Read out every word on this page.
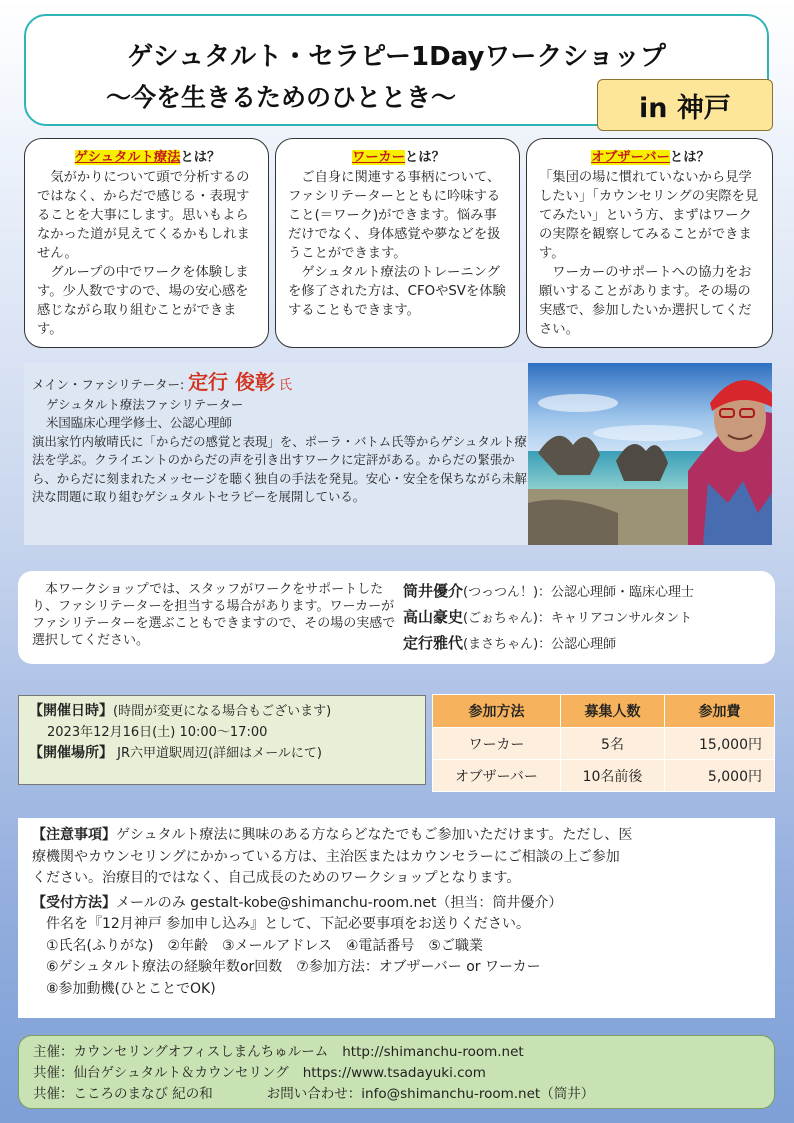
ゲシュタルト・セラピー1Dayワークショップ
～今を生きるためのひととき～	in 神戸
ゲシュタルト療法とは？

気がかりについて頭で分析するのではなく、からだで感じる・表現することを大事にします。思いもよらなかった道が見えてくるかもしれません。

グループの中でワークを体験します。少人数ですので、場の安心感を感じながら取り組むことができます。

ワーカーとは？

ご自身に関連する事柄について、ファシリテーターとともに吟味すること(＝ワーク)ができます。悩み事だけでなく、身体感覚や夢などを扱うことができます。

ゲシュタルト療法のトレーニングを修了された方は、CFOやSVを体験することもできます。

オブザーバーとは？

「集団の場に慣れていないから見学したい」「カウンセリングの実際を見てみたい」という方、まずはワークの実際を観察してみることができます。

ワーカーのサポートへの協力をお願いすることがあります。その場の実感で、参加したいか選択してください。

メイン・ファシリテーター: 定行 俊彰 氏
ゲシュタルト療法ファシリテーター
米国臨床心理学修士、公認心理師
演出家竹内敏晴氏に「からだの感覚と表現」を、ポーラ・バトム氏等からゲシュタルト療法を学ぶ。クライエントのからだの声を引き出すワークに定評がある。からだの緊張から、からだに刻まれたメッセージを聴く独自の手法を発見。安心・安全を保ちながら未解決な問題に取り組むゲシュタルトセラピーを展開している。
本ワークショップでは、スタッフがワークをサポートしたり、ファシリテーターを担当する場合があります。ワーカーがファシリテーターを選ぶこともできますので、その場の実感で選択してください。
筒井優介(つっつん！)：公認心理師・臨床心理士
高山豪史(ごぉちゃん)：キャリアコンサルタント
定行雅代(まさちゃん)：公認心理師
【開催日時】(時間が変更になる場合もございます)
2023年12月16日(土) 10:00～17:00
【開催場所】 JR六甲道駅周辺(詳細はメールにて)
参加方法	募集人数	参加費
ワーカー	5名	15,000円
オブザーバー	10名前後	5,000円
【注意事項】ゲシュタルト療法に興味のある方ならどなたでもご参加いただけます。ただし、医
療機関やカウンセリングにかかっている方は、主治医またはカウンセラーにご相談の上ご参加
ください。治療目的ではなく、自己成長のためのワークショップとなります。
【受付方法】メールのみ gestalt-kobe@shimanchu-room.net（担当：筒井優介）
件名を『12月神戸 参加申し込み』として、下記必要事項をお送りください。
①氏名(ふりがな)　②年齢　③メールアドレス　④電話番号　⑤ご職業
⑥ゲシュタルト療法の経験年数or回数　⑦参加方法：オブザーバー or ワーカー
⑧参加動機(ひとことでOK)
主催：カウンセリングオフィスしまんちゅルーム http://shimanchu-room.net
共催：仙台ゲシュタルト＆カウンセリング https://www.tsadayuki.com
共催：こころのまなび 紀の和	お問い合わせ：info@shimanchu-room.net（筒井）
